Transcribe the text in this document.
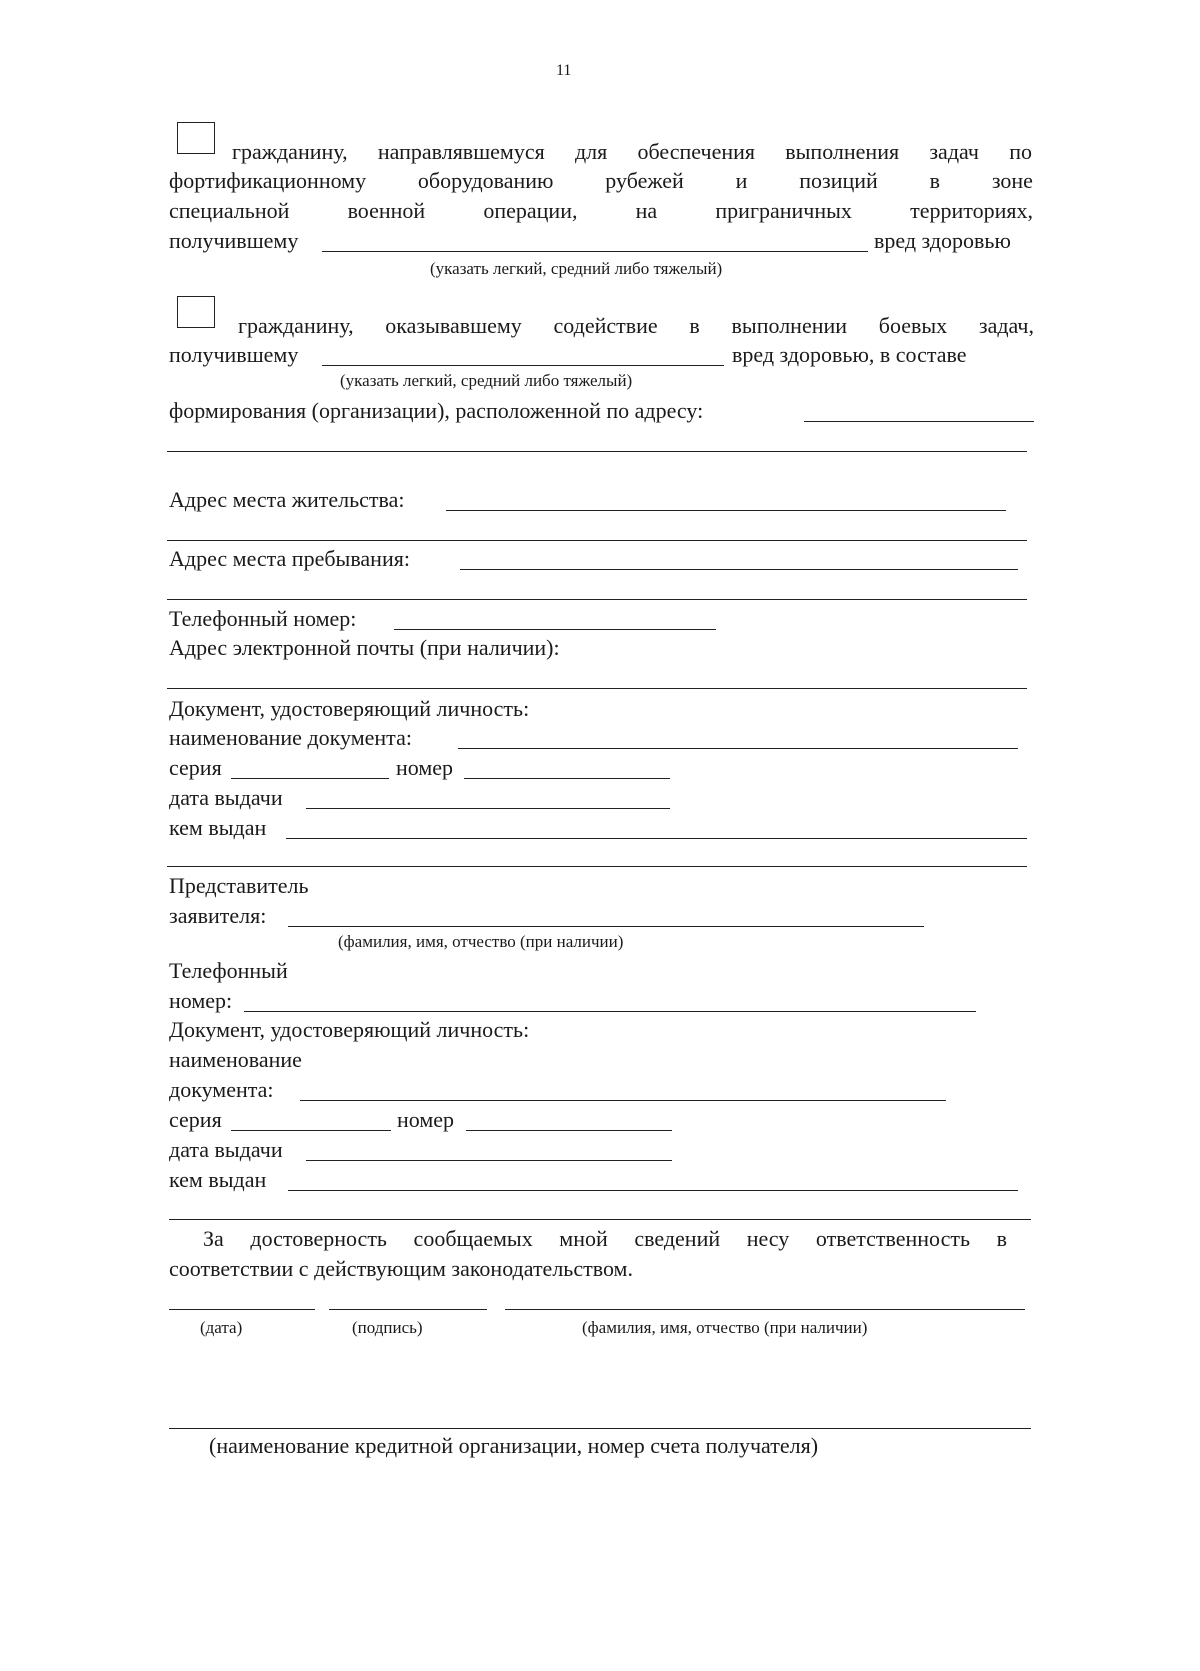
11
гражданину, направлявшемуся для обеспечения выполнения задач по
фортификационному оборудованию рубежей и позиций в зоне
специальной	военной	операции,	на	приграничных	территориях,
получившему	вред здоровью
(указать легкий, средний либо тяжелый)
гражданину, оказывавшему содействие в выполнении боевых задач,
получившему	вред здоровью, в составе
(указать легкий, средний либо тяжелый)
формирования (организации), расположенной по адресу:
Адрес места жительства:
Адрес места пребывания:
Телефонный номер:
Адрес электронной почты (при наличии):
Документ, удостоверяющий личность:
наименование документа:
серия	номер
дата выдачи
кем выдан
Представитель
заявителя:
(фамилия, имя, отчество (при наличии)
Телефонный
номер:
Документ, удостоверяющий личность:
наименование
документа:
серия	номер
дата выдачи
кем выдан
За достоверность сообщаемых мной сведений несу ответственность в
соответствии с действующим законодательством.
(дата)	(подпись)	(фамилия, имя, отчество (при наличии)
(наименование кредитной организации, номер счета получателя)
